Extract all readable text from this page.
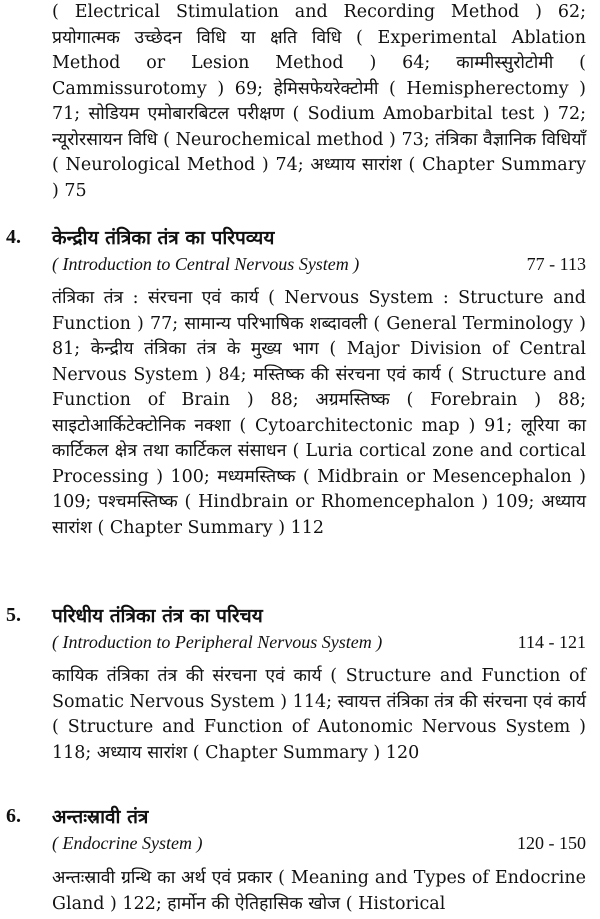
( Electrical Stimulation and Recording Method ) 62; प्रयोगात्मक उच्छेदन विधि या क्षति विधि ( Experimental Ablation Method or Lesion Method ) 64; काम्मीस्सुरोटोमी ( Cammissurotomy ) 69; हेमिसफेयरेक्टोमी ( Hemispherectomy ) 71; सोडियम एमोबारबिटल परीक्षण ( Sodium Amobarbital test ) 72; न्यूरोरसायन विधि ( Neurochemical method ) 73; तंत्रिका वैज्ञानिक विधियाँ ( Neurological Method ) 74; अध्याय सारांश ( Chapter Summary ) 75
4. केन्द्रीय तंत्रिका तंत्र का परिपव्यय
( Introduction to Central Nervous System )	77 - 113
तंत्रिका तंत्र : संरचना एवं कार्य ( Nervous System : Structure and Function ) 77; सामान्य परिभाषिक शब्दावली ( General Terminology ) 81; केन्द्रीय तंत्रिका तंत्र के मुख्य भाग ( Major Division of Central Nervous System ) 84; मस्तिष्क की संरचना एवं कार्य ( Structure and Function of Brain ) 88; अग्रमस्तिष्क ( Forebrain ) 88; साइटोआर्किटेक्टोनिक नक्शा ( Cytoarchitectonic map ) 91; लूरिया का कार्टिकल क्षेत्र तथा कार्टिकल संसाधन ( Luria cortical zone and cortical Processing ) 100; मध्यमस्तिष्क ( Midbrain or Mesencephalon ) 109; पश्चमस्तिष्क ( Hindbrain or Rhomencephalon ) 109; अध्याय सारांश ( Chapter Summary ) 112
5. परिधीय तंत्रिका तंत्र का परिचय
( Introduction to Peripheral Nervous System )	114 - 121
कायिक तंत्रिका तंत्र की संरचना एवं कार्य ( Structure and Function of Somatic Nervous System ) 114; स्वायत्त तंत्रिका तंत्र की संरचना एवं कार्य ( Structure and Function of Autonomic Nervous System ) 118; अध्याय सारांश ( Chapter Summary ) 120
6. अन्तःस्रावी तंत्र
( Endocrine System )	120 - 150
अन्तःस्रावी ग्रन्थि का अर्थ एवं प्रकार ( Meaning and Types of Endocrine Gland ) 122; हार्मोन की ऐतिहासिक खोज ( Historical
